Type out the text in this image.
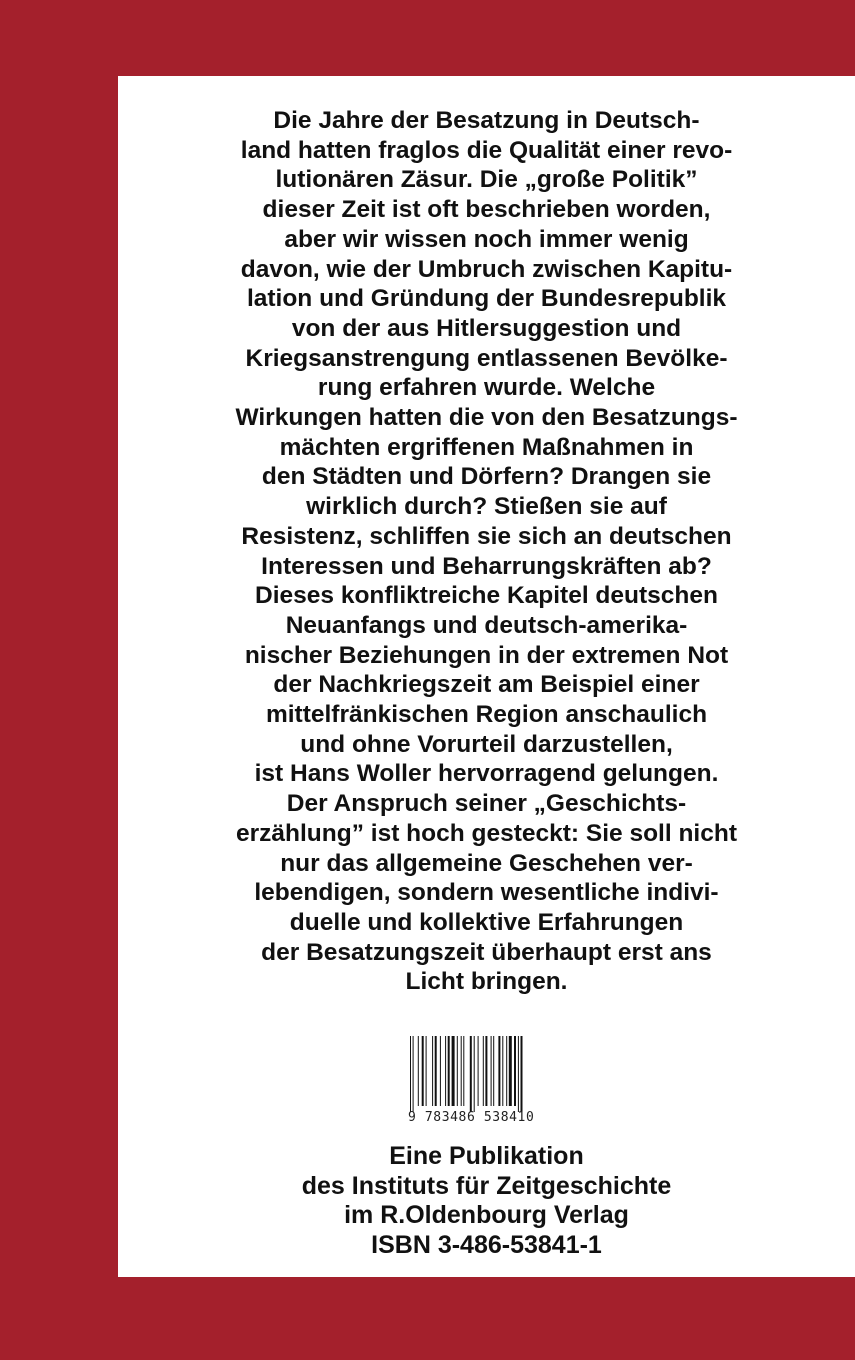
Die Jahre der Besatzung in Deutsch-
land hatten fraglos die Qualität einer revo-
lutionären Zäsur. Die „große Politik”
dieser Zeit ist oft beschrieben worden,
aber wir wissen noch immer wenig
davon, wie der Umbruch zwischen Kapitu-
lation und Gründung der Bundesrepublik
von der aus Hitlersuggestion und
Kriegsanstrengung entlassenen Bevölke-
rung erfahren wurde. Welche
Wirkungen hatten die von den Besatzungs-
mächten ergriffenen Maßnahmen in
den Städten und Dörfern? Drangen sie
wirklich durch? Stießen sie auf
Resistenz, schliffen sie sich an deutschen
Interessen und Beharrungskräften ab?
Dieses konfliktreiche Kapitel deutschen
Neuanfangs und deutsch-amerika-
nischer Beziehungen in der extremen Not
der Nachkriegszeit am Beispiel einer
mittelfränkischen Region anschaulich
und ohne Vorurteil darzustellen,
ist Hans Woller hervorragend gelungen.
Der Anspruch seiner „Geschichts-
erzählung” ist hoch gesteckt: Sie soll nicht
nur das allgemeine Geschehen ver-
lebendigen, sondern wesentliche indivi-
duelle und kollektive Erfahrungen
der Besatzungszeit überhaupt erst ans
Licht bringen.
9 783486 538410
Eine Publikation
des Instituts für Zeitgeschichte
im R.Oldenbourg Verlag
ISBN 3-486-53841-1
